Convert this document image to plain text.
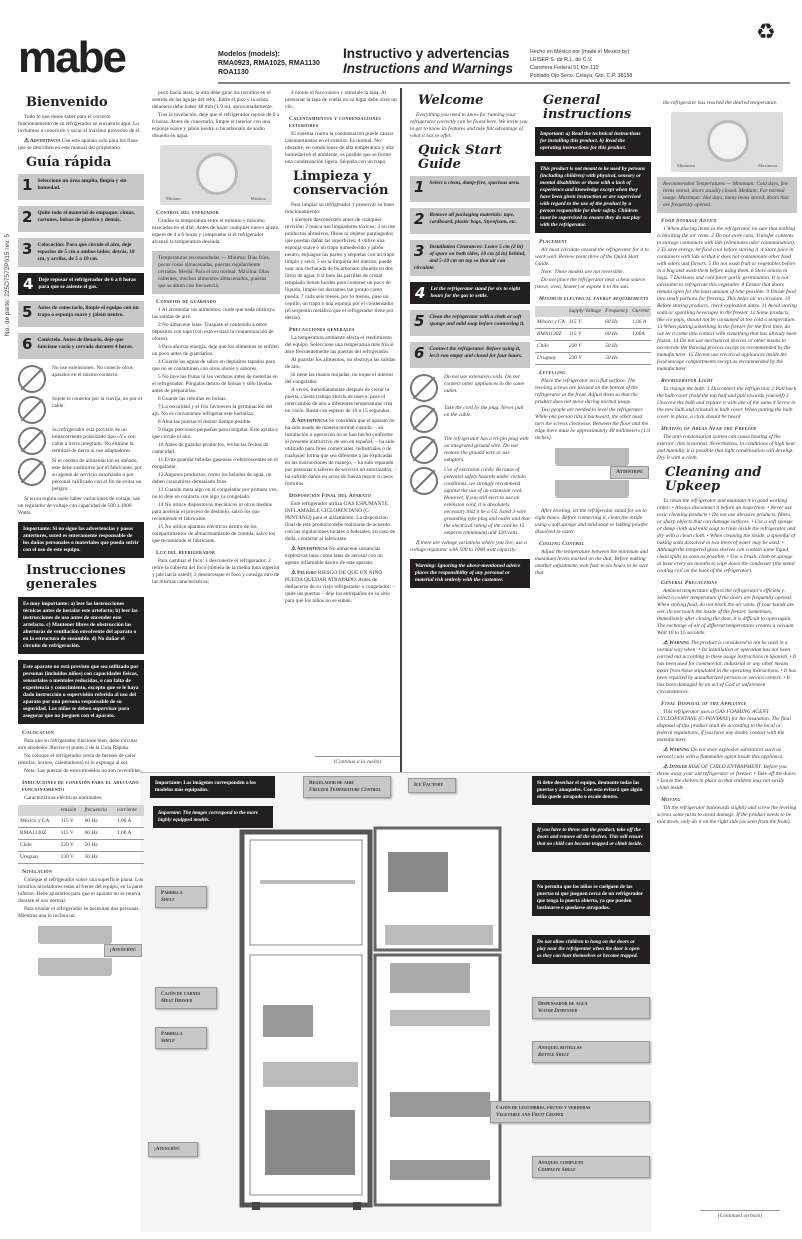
mabe	Modelos (models):
RMA0923, RMA1025, RMA1130
ROA1130
Instructivo y advertencias
Instructions and Warnings
Hecho en México por (made in Mexico by):
LEISER S. de R.L. de C.V.
Carretera Federal 51 Km 110
Poblado Ojo Seco. Celaya, Gto. C.P. 38158
♻
No. de parte: 225D7572P015 rev. 5
Bienvenido
Todo lo que desee saber para el correcto funcionamiento de su refrigerador se encuentra aquí. Lo invitamos a conocerlo y sacar el máximo provecho de él.
⚠ Advertencia Use este aparato solo para los fines que se describen en este manual del propietario.
Guía rápida
1 Seleccione un área amplia, limpia y sin humedad.
2 Quite todo el material de empaque: cintas, cartones, bolsas de plástico y demás.
3 Colocación: Para que circule el aire, deje espacios de 5 cm a ambos lados; detrás, 10 cm, y arriba, de 5 a 10 cm.
4 Deje reposar el refrigerador de 6 a 8 horas para que se asiente el gas.
5 Antes de conectarlo, limpie el equipo con un trapo o esponja suave y jabón neutro.
6 Conéctelo. Antes de llenarlo, deje que funcione vacío y cerrado durante 4 horas.
No use extensiones. No conecte otros aparatos en el mismo contacto.
Sujete el conector por la clavija, no por el cable.
Su refrigerador está provisto de un tomacorriente polarizado tipo «Y» con cable a tierra integrado. No elimine la terminal de tierra ni use adaptadores.
Si el cordón de alimentación es dañado, este debe sustituirse por el fabricante, por su agente de servicio autorizado o por personal calificado con el fin de evitar un peligro.
Si en su región suele haber variaciones de voltaje, use un regulador de voltaje con capacidad de 500 a 1000 Watts.
Importante: Si no sigue las advertencias y pasos anteriores, usted es enteramente responsable de los daños personales o materiales que pueda sufrir con el uso de este equipo.
Instrucciones generales
Es muy importante: a) leer las instrucciones técnicas antes de instalar este artefacto; b) leer las instrucciones de uso antes de encender este artefacto. c) Mantener libres de obstrucción las aberturas de ventilación envolvente del aparato o en la estructura de ensamble. d) No dañar el circuito de refrigeración.
Este aparato no está previsto que sea utilizado por personas (incluidos niños) con capacidades físicas, sensoriales o mentales reducidas, o con falta de experiencia y conocimiento, excepto que se le haya dado instrucción o supervisión referida al uso del aparato por una persona responsable de su seguridad. Los niños se deben supervisar para asegurar que no jueguen con el aparato.
Colocación
Para que su refrigerador funcione bien, debe circular aire alrededor. Revise el punto 3 de la Guía Rápida.
No coloque el refrigerador cerca de fuentes de calor (estufas, hornos, calentadores) ni lo exponga al sol.
Nota: Las puertas de estos modelos no son reversibles.
Indicaciones de conexión para el adecuado funcionamiento
Características eléctricas nominales:
	tensión	frecuencia	corriente
México y CA	115 V	60 Hz	1,06 A
RMA1130Z	115 V	60 Hz	1,00 A
Chile	220 V	50 Hz	
Uruguay	230 V	50 Hz	
Nivelación
Coloque el refrigerador sobre una superficie plana. Los tornillos niveladores están al frente del equipo, en la parte inferior. Debe ajustarlos para que el aparato no se mueva durante el uso normal.
Para nivelar el refrigerador se necesitan dos personas. Mientras una lo inclina un
¡Atención!
poco hacia atrás, la otra debe girar los tornillos en el sentido de las agujas del reloj. Entre el piso y la arista delantera debe haber 48 mm (1.9 in), aproximadamente.
Tras la nivelación, deje que el refrigerador repose de 6 a 8 horas. Antes de conectarlo, limpie el interior con una esponja suave y jabón neutro o bicarbonato de sodio disuelto en agua.
Mínimo	Máximo
Control del enfriador
Gradúe la temperatura entre el mínimo y máximo marcados en el dial. Antes de hacer cualquier nuevo ajuste, espere de 4 a 6 horas y compruebe si el refrigerador alcanzó la temperatura deseada.
Temperaturas recomendadas — Mínima: Días fríos, pocas cosas almacenadas, puertas regularmente cerradas. Media: Para el uso normal. Máxima: Días calientes, muchos alimentos almacenados, puertas que se abren con frecuencia.
Consejos de guardado
1 Al acomodar los alimentos, cuide que nada obstruya las salidas de aire.
2 No almacene latas. Traspase el contenido a otros depósitos con tapa (con esto evitará la contaminación de olores).
3 Para ahorrar energía, deje que los alimentos se enfríen un poco antes de guardarlos.
4 Guarde las aguas de sabor en depósitos tapados para que no se contaminen con otros olores y sabores.
5 No lave las frutas ni las verduras antes de meterlas en el refrigerador. Póngalas dentro de bolsas y sólo lávelas antes de prepararlas.
6 Guarde las cebollas en bolsas.
7 La oscuridad y el frío favorecen la germinación del ajo. No es conveniente refrigerar este hortaliza.
8 Abra las puertas el menor tiempo posible.
9 Haga porciones pequeñas para congelar. Esto ayuda a que circule el aire.
10 Antes de guardar productos, revise las fechas de caducidad.
11 Evite guardar bebidas gaseosas o efervescentes en el congelador.
12 Algunos productos, como los helados de agua, no deben consumirse demasiado fríos.
13 Cuando meta algo en el congelador por primera vez, no lo deje en contacto con algo ya congelado.
14 No utilice dispositivos mecánicos ni otros medios para acelerar el proceso de deshielo, salvo los que recomiende el fabricante.
15 No utilice aparatos eléctricos dentro de los compartimentos de almacenamiento de comida, salvo los que recomiende el fabricante.
Luz del refrigerador
Para cambiar el foco: 1 desconecte el refrigerador; 2 retire la cubierta del foco (tómela de la media luna superior y jale hacia usted); 3 desenrosque el foco y consiga otro de las mismas características;
4 monte el foco nuevo y reinstale la tapa. Al presionar la tapa de vuelta en su lugar debe oírse un clic.
Calentamientos y condensaciones exteriores
El sistema contra la condensación puede causar calentamientos en el exterior. Es normal. No obstante, en condiciones de alta temperatura y alta humedad en el ambiente, es posible que se forme una condensación ligera. Séquela con un trapo.
Limpieza y conservación
Para limpiar su refrigerador y preservar su buen funcionamiento:
1 siempre desconéctelo antes de cualquier revisión; 2 nunca use limpiadores tóxicos; 3 no use productos abrasivos, fibras ni objetos puntiagudos que puedan dañar las superficies; 4 utilice una esponja suave o un trapo humedecido y jabón neutro, enjuague las partes y séquelas con un trapo limpio y seco; 5 en la limpieza del interior, puede usar una cucharada de bicarbonato disuelta en dos litros de agua; 6 si bien las parrillas de cristal templado tienen bordes para contener un poco de líquido, limpie los derrames tan pronto como pueda; 7 cada seis meses, por lo menos, pase un cepillo, un trapo o una esponja por el condensador (el serpentín metálico que el refrigerador tiene por detrás).
Precauciones generales
La temperatura ambiente afecta el rendimiento del equipo. Seleccione una temperatura más fría si abre frecuentemente las puertas del refrigerador.
Al guardar los alimentos, no obstruya las salidas de aire.
Si tiene las manos mojadas, no toque el interior del congelador.
A veces, inmediatamente después de cerrar la puerta, cuesta trabajo abrirla de nuevo, pues el intercambio de aire a diferentes temperaturas crea un vacío. Basta con esperar de 10 a 15 segundos.
⚠ Advertencia Se considera que el aparato no ha sido usado de manera normal cuando: – su instalación u operación no se han hecho conforme al presente instructivo de uso en español; – ha sido utilizado para fines comerciales, industriales o de cualquier forma que sea diferente a las explicadas en las instrucciones de manejo; – ha sido reparado por personas o talleres de servicio no autorizados; – ha sufrido daños en actos de fuerza mayor o casos fortuitos.
Disposición Final del Aparato
Este refrigerador utiliza GAS ESPUMANTE INFLAMABLE CICLOPENTANO (C-PENTANO) para el aislamiento. La disposición final de este producto debe realizarse de acuerdo con las regulaciones locales o federales, en caso de duda, contactar al fabricante.
⚠ Advertencia No almacene sustancias explosivas tales como latas de aerosol con un agente inflamable dentro de este aparato.
⚠ Peligro RIESGO DE QUE UN NIÑO PUEDA QUEDAR ATRAPADO. Antes de deshacerse de su viejo refrigerador o congelador: – quite las puertas – deje los entrepaños en su sitio para que los niños no se suban.
Welcome
Everything you need to know for running your refrigerator correctly can be found here. We invite you to get to know its features and take full advantage of what it has to offer.
Quick Start Guide
1 Select a clean, damp-free, spacious area.
2 Remove all packaging materials: tape, cardboard, plastic bags, Styrofoam, etc.
3 Installation Clearances: Leave 5 cm (2 in) of space on both sides, 10 cm (4 in) behind, and 5-10 cm on top so that air can circulate.
4 Let the refrigerator stand for six to eight hours for the gas to settle.
5 Clean the refrigerator with a cloth or soft sponge and mild soap before connecting it.
6 Connect the refrigerator. Before using it, let it run empty and closed for four hours.
Do not use extension cords. Do not connect other appliances in the same outlet.
Take the cord by the plug. Never pull on the cable.
The refrigerator has a tri-pin plug with an integrated ground wire. Do not remove the ground wire or use adaptors.
Use of extension cords: Because of potential safety hazards under certain conditions, we strongly recommend against the use of an extension cord. However, if you still elect to use an extension cord, it is absolutely necessary that it be a UL listed 3-wire grounding type plug and outlet and that the electrical rating of the cord be 15 amperes (minimum) and 120 volts.
If there are voltage variations where you live, use a voltage regulator with 500 to 1000 watt capacity.
Warning: Ignoring the above-mentioned advice places the responsibility of any personal or material risk entirely with the customer.
General instructions
Important: a) Read the technical instructions for installing this product. b) Read the operating instructions for this product.
This product is not meant to be used by persons (including children) with physical, sensory or mental disabilities or those with a lack of experience and knowledge except when they have been given instruction or are supervised with regard to the use of the product by a person responsible for their safety. Children must be supervised to ensure they do not play with the refrigerator.
Placement
Air must circulate around the refrigerator for it to work well. Review point three of the Quick Start Guide.
Note: These models are not reversible.
Do not place the refrigerator near a heat source (stove, oven, heater) or expose it to the sun.
Minimum electrical energy requirements
	Supply Voltage	Frequency	Current
México y CA	115 V	60 Hz	1,06 A
RMA1130Z	115 V	60 Hz	1,00A
Chile	220 V	50 Hz	
Uruguay	230 V	50 Hz	
Levelling
Place the refrigerator on a flat surface. The leveling screws are located on the bottom of the refrigerator at the front. Adjust them so that the product does not move during normal usage.
Two people are needed to level the refrigerator. While one person tilts it backward, the other must turn the screws clockwise. Between the floor and the edge there must be approximately 48 millimeters (1.9 inches).
Attention!
After leveling, let the refrigerator stand for six to eight hours. Before connecting it, clean the inside using a soft sponge and mild soap or baking powder dissolved in water.
Cooling Control
Adjust the temperature between the minimum and maximum levels marked on the dial. Before making another adjustment, wait four to six hours to be sure that
the refrigerator has reached the desired temperature.
Minimum	Maximum
Recommended Temperatures — Minimum: Cold days, few items stored, doors usually closed. Medium: For normal usage. Maximum: Hot days, many items stored, doors that are frequently opened.
Food Storage Advice
1 When placing items in the refrigerator, be sure that nothing is blocking the air vents. 2 Do not store cans. Transfer contents to storage containers with lids (eliminates odor contamination). 3 To save energy, let food cool before storing it. 4 Store juice in containers with lids so that it does not contaminate other food with odors and flavors. 5 Do not wash fruit or vegetables before in a bag and wash them before using them. 6 Store onions in bags. 7 Darkness and cold favor garlic germination. It is not advisable to refrigerate this vegetable. 8 Ensure that doors remain open for the least amount of time possible. 9 Divide food into small portions for freezing. This helps air to circulate. 10 Before storing products, check expiration dates. 11 Avoid storing soda or sparkling beverages in the freezer. 12 Some products, like ice pops, should not be consumed at too cold a temperature. 13 When putting something in the freezer for the first time, do not let it come into contact with something that has already been frozen. 14 Do not use mechanical devices or other means to accelerate the thawing process except as recommended by the manufacturer. 15 Do not use electrical appliances inside the food storage compartments except as recommended by the manufacturer.
Refrigerator Light
To change the bulb: 1 Disconnect the refrigerator 2 Pull back the bulb cover (hold the top half and pull towards yourself) 3 Unscrew the bulb and replace it with one of the same 4 Screw in the new bulb and reinstall te bulb cover. When putting the bulb cover in place, a click should be heard
Heating of Areas Near the Freezer
The anti-condensation system can cause heating of the exterior; this is normal. Nevertheless, in conditions of high heat and humidity it is possible that light condensation will develop. Dry it with a cloth.
Cleaning and Upkeep
To clean the refrigerator and maintain it in good working order: • Always disconnect it before an inspection. • Never use toxic cleaning products • Do not use abrasive products, fibers, or sharp objects that can damage surfaces. • Use a soft sponge or damp cloth and mild soap to rinse inside the refrigerator and dry with a clean cloth. • When cleaning the inside, a spoonful of baking soda dissolved in two liters of water may be used. • Although the tempered glass shelves can contain some liquid, clean spills as soon as possible. • Use a brush, cloth or sponge at least every six months to wipe down the condenser (the metal cooling coil on the back of the refrigerator).
General Precautions
Ambient temperature affects the refrigerator's efficiency. Select a colder temperature if the doors are frequently opened. When storing food, do not block the air vents. If your hands are wet, do not touch the inside of the freezer. Sometimes, immediately after closing the door, it is difficult to open again. The exchange of air of different temperatures creates a vacuum. Wait 10 to 15 seconds.
⚠ Warning The product is considered to not be used in a normal way when: • Its installation or operation has not been carried out according to these usage instructions in Spanish. • It has been used for commercial, industrial or any other means apart from those stipulated in the operating instructions. • It has been repaired by unauthorized persons or service centers. • It has been damaged by an act of God or unforeseen circumstances.
Final Disposal of the Appliance
This refrigerator uses a GAS FOAMING AGENT CYCLOPENTANE (C-PENTANE) for the insulation. The final disposal of this product shall do according to the local or federal regulations, if you have any doubt, contact with the manufacturer.
⚠ Warning Do not store explosive substances such as aerosol cans with a flammable agent inside this appliance.
⚠ Danger RISK OF CHILD ENTRAPMENT. Before you throw away your old refrigerator or freezer: • Take off the doors • Leave the shelves in place so that children may not easily climb inside
Moving
Tilt the refrigerator backwards slightly and screw the leveling screws some turns to avoid damage. If the product needs to be laid down, only do it on the right side (as seen from the front).
(Contínua a la vuelta)
(Continued on back)
Importante: Las imágenes corresponden a los modelos más equipados.
Important: The images correspond to the more highly equipped models.
Regulador de aire
Freezer Temperature Control
Ice Factory
Parrilla
Shelf
Cajón de carnes
Meat Drawer
Parrilla
Shelf
¡Atención!
Si debe desechar el equipo, desmonte todas las puertas y anaqueles. Con esto evitará que algún niño quede atrapado o escale dentro.
If you have to throw out the product, take off the doors and remove all the shelves. This will ensure that no child can become trapped or climb inside.
No permita que los niños se cuelguen de las puertas ni que jueguen cerca de un refrigerador que tenga la puerta abierta, ya que pueden lastimarse o quedarse atrapados.
Do not allow children to hang on the doors or play near the refrigerator when the door is open as they can hurt themselves or become trapped.
Dispensador de agua
Water Dispenser
Anaquel botellas
Bottle Shelf
Cajón de legumbres, frutas y verduras
Vegetable and Fruit Crisper
Anaquel completo
Complete Shelf
